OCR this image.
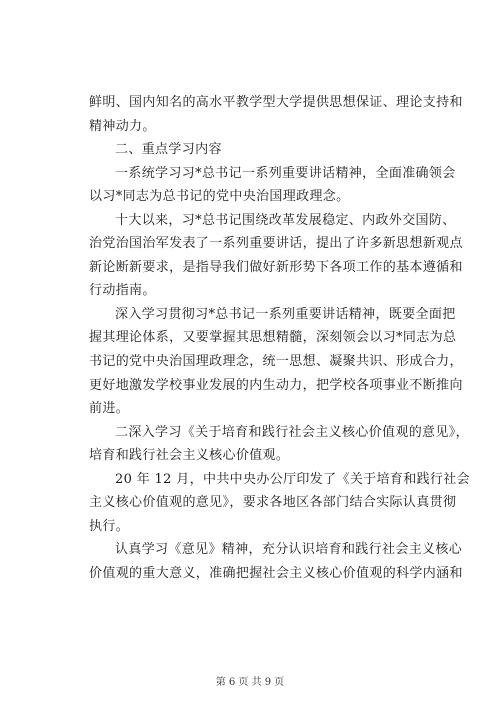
鲜明、国内知名的高水平教学型大学提供思想保证、理论支持和
精神动力。
二、重点学习内容
一系统学习习*总书记一系列重要讲话精神，全面准确领会
以习*同志为总书记的党中央治国理政理念。
十大以来，习*总书记围绕改革发展稳定、内政外交国防、
治党治国治军发表了一系列重要讲话，提出了许多新思想新观点
新论断新要求，是指导我们做好新形势下各项工作的基本遵循和
行动指南。
深入学习贯彻习*总书记一系列重要讲话精神，既要全面把
握其理论体系，又要掌握其思想精髓，深刻领会以习*同志为总
书记的党中央治国理政理念，统一思想、凝聚共识、形成合力，
更好地激发学校事业发展的内生动力，把学校各项事业不断推向
前进。
二深入学习《关于培育和践行社会主义核心价值观的意见》，
培育和践行社会主义核心价值观。
20 年 12 月，中共中央办公厅印发了《关于培育和践行社会
主义核心价值观的意见》，要求各地区各部门结合实际认真贯彻
执行。
认真学习《意见》精神，充分认识培育和践行社会主义核心
价值观的重大意义，准确把握社会主义核心价值观的科学内涵和
第 6 页 共 9 页
